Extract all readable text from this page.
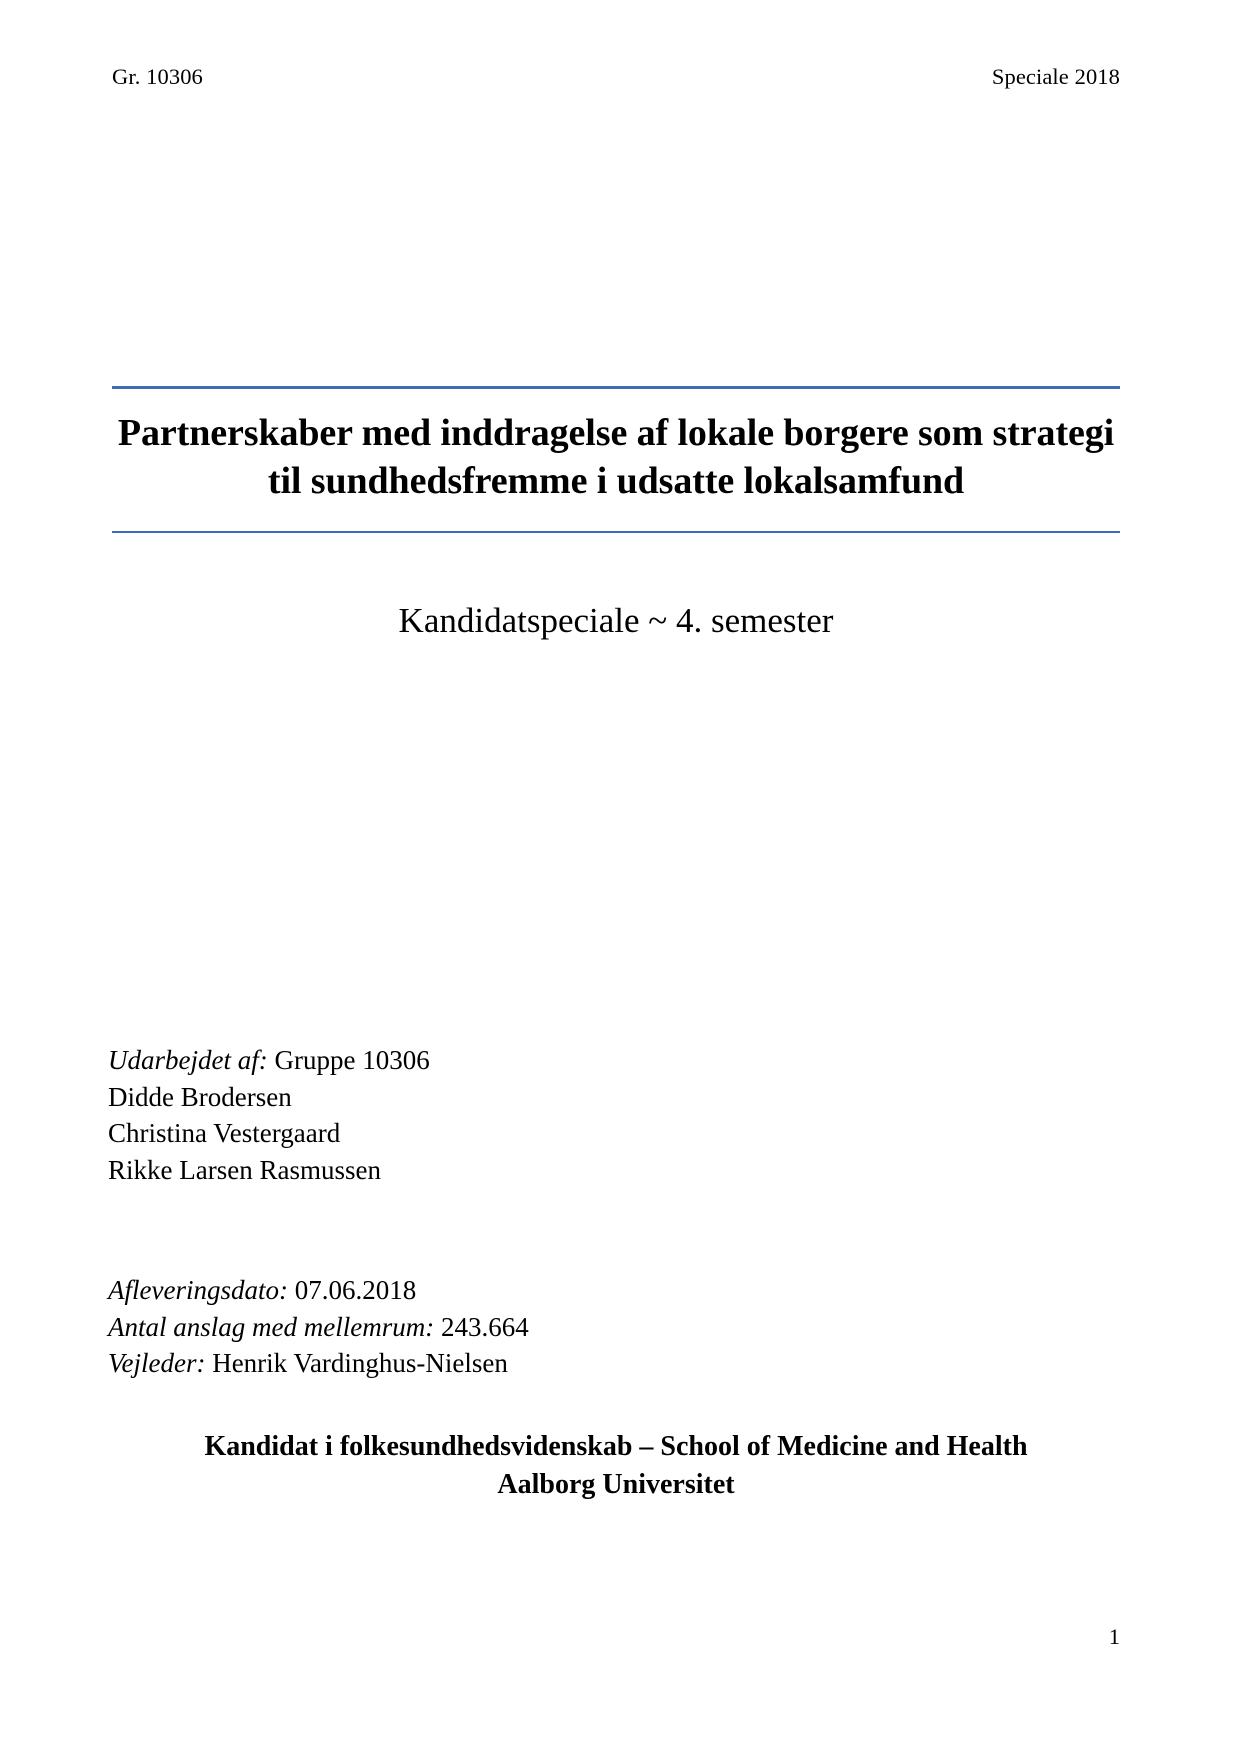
Gr. 10306	Speciale 2018
Partnerskaber med inddragelse af lokale borgere som strategi til sundhedsfremme i udsatte lokalsamfund
Kandidatspeciale ~ 4. semester
Udarbejdet af: Gruppe 10306
Didde Brodersen
Christina Vestergaard
Rikke Larsen Rasmussen
Afleveringsdato: 07.06.2018
Antal anslag med mellemrum: 243.664
Vejleder: Henrik Vardinghus-Nielsen
Kandidat i folkesundhedsvidenskab – School of Medicine and Health
Aalborg Universitet
1
